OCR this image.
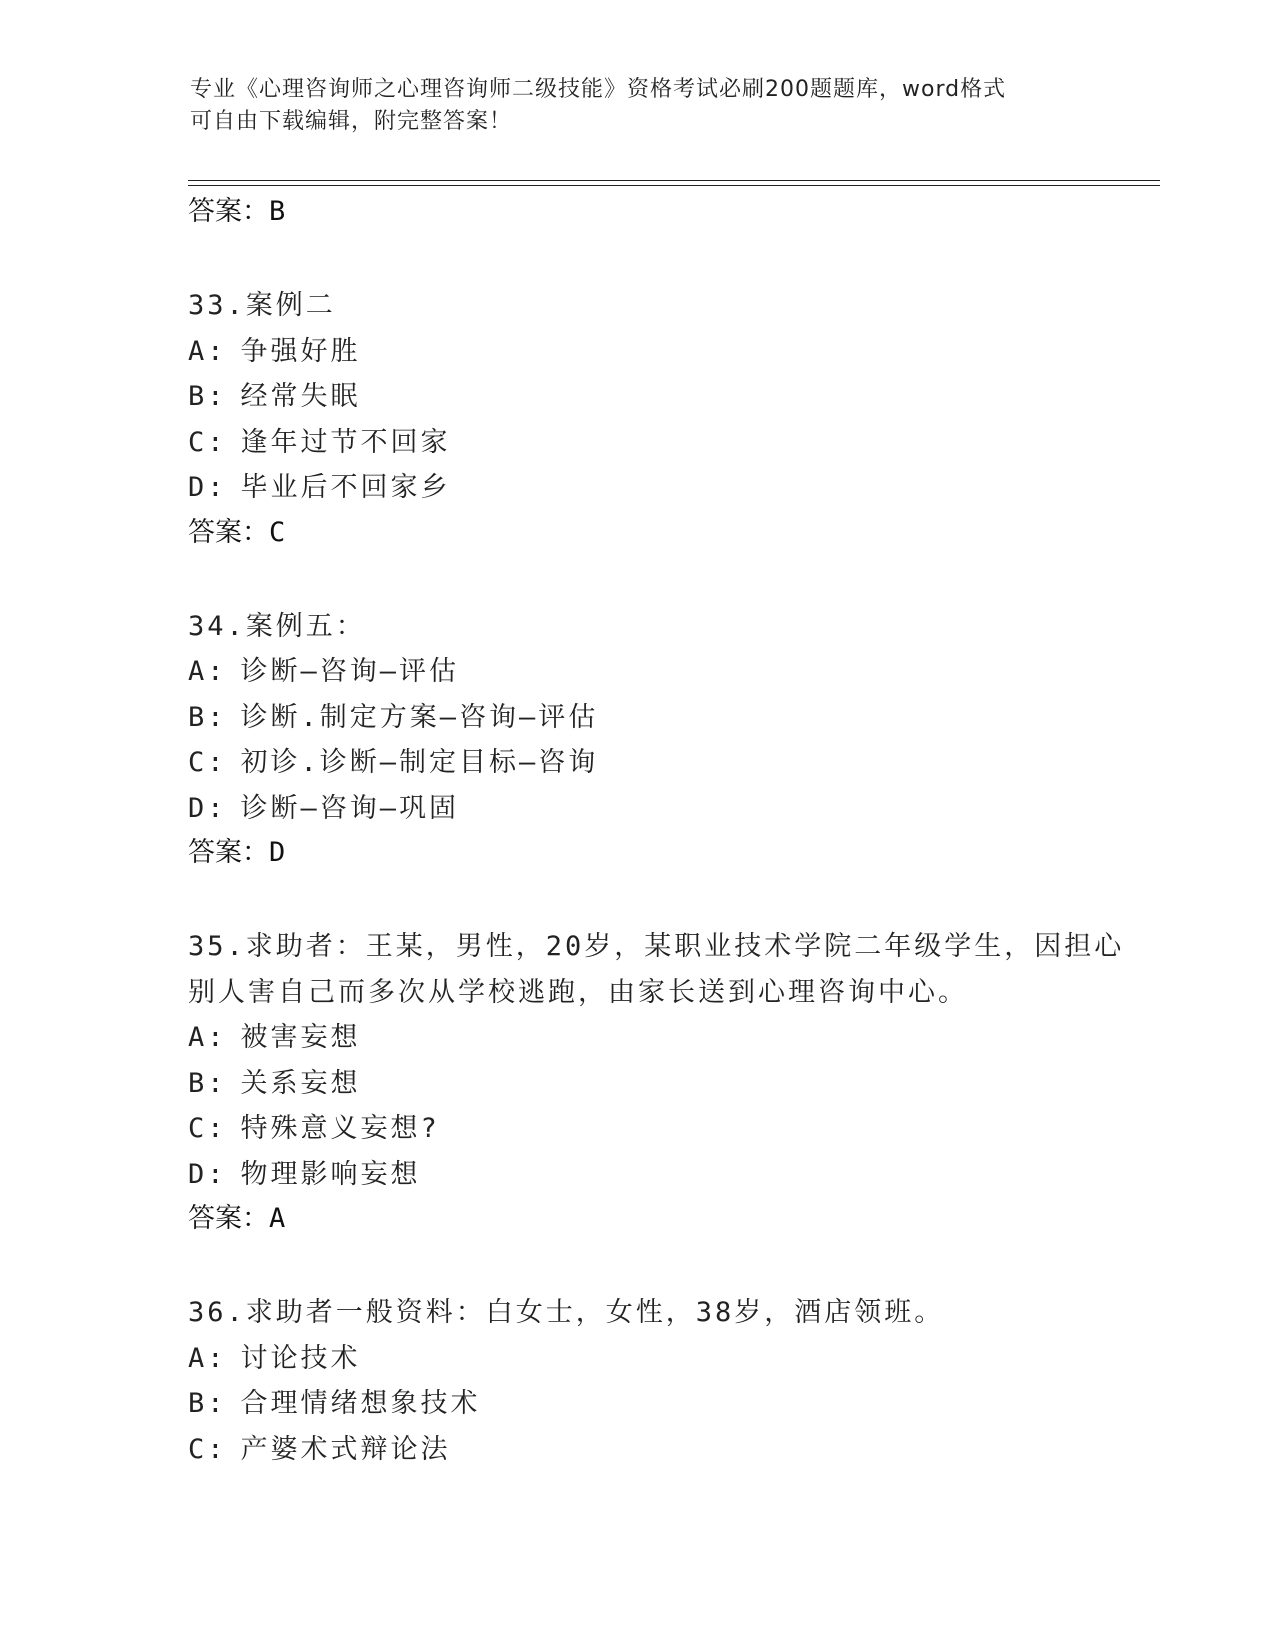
专业《心理咨询师之心理咨询师二级技能》资格考试必刷200题题库，word格式
可自由下载编辑，附完整答案！
答案：B
33.案例二
A: 争强好胜
B: 经常失眠
C: 逢年过节不回家
D: 毕业后不回家乡
答案：C
34.案例五：
A: 诊断—咨询—评估
B: 诊断.制定方案—咨询—评估
C: 初诊.诊断—制定目标—咨询
D: 诊断—咨询—巩固
答案：D
35.求助者：王某，男性，20岁，某职业技术学院二年级学生，因担心
别人害自己而多次从学校逃跑，由家长送到心理咨询中心。
A: 被害妄想
B: 关系妄想
C: 特殊意义妄想?
D: 物理影响妄想
答案：A
36.求助者一般资料：白女士，女性，38岁，酒店领班。
A: 讨论技术
B: 合理情绪想象技术
C: 产婆术式辩论法
